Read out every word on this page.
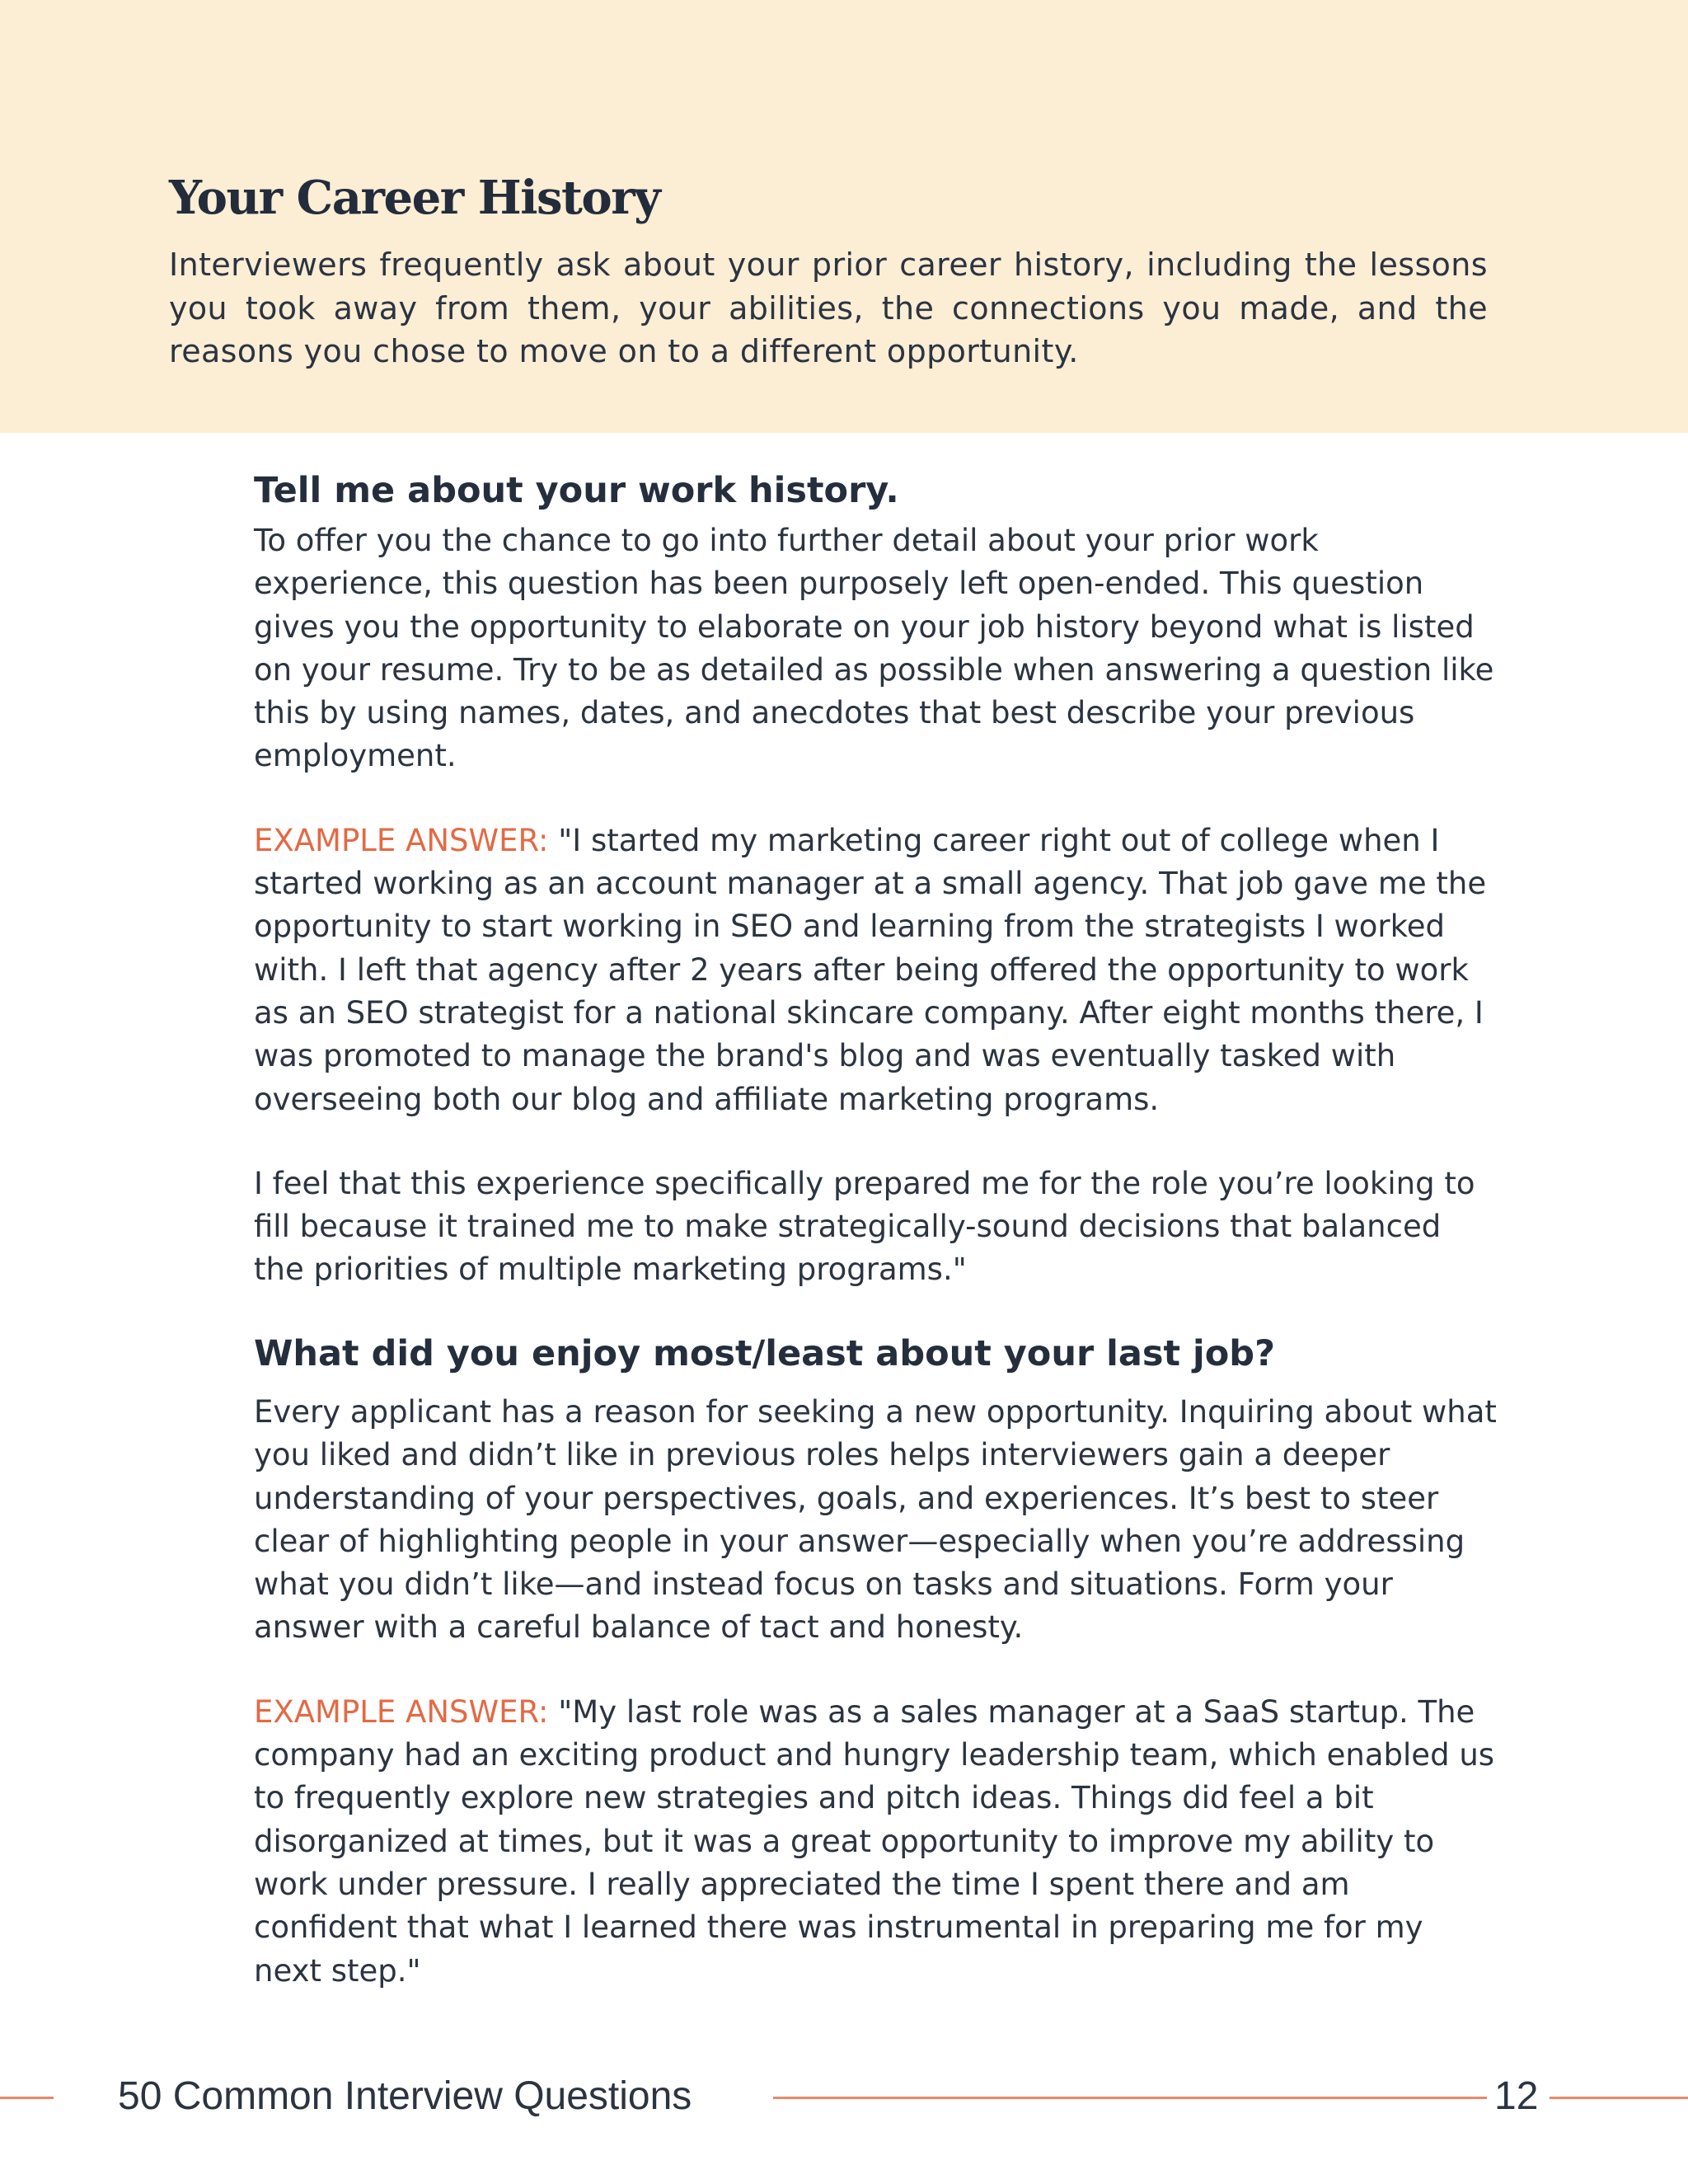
Your Career History

Interviewers frequently ask about your prior career history, including the lessons you took away from them, your abilities, the connections you made, and the reasons you chose to move on to a different opportunity.

Tell me about your work history.

To offer you the chance to go into further detail about your prior work experience, this question has been purposely left open-ended. This question gives you the opportunity to elaborate on your job history beyond what is listed on your resume. Try to be as detailed as possible when answering a question like this by using names, dates, and anecdotes that best describe your previous employment.

EXAMPLE ANSWER: "I started my marketing career right out of college when I started working as an account manager at a small agency. That job gave me the opportunity to start working in SEO and learning from the strategists I worked with. I left that agency after 2 years after being offered the opportunity to work as an SEO strategist for a national skincare company. After eight months there, I was promoted to manage the brand's blog and was eventually tasked with overseeing both our blog and affiliate marketing programs.

I feel that this experience specifically prepared me for the role you’re looking to fill because it trained me to make strategically-sound decisions that balanced the priorities of multiple marketing programs."

What did you enjoy most/least about your last job?

Every applicant has a reason for seeking a new opportunity. Inquiring about what you liked and didn’t like in previous roles helps interviewers gain a deeper understanding of your perspectives, goals, and experiences. It’s best to steer clear of highlighting people in your answer—especially when you’re addressing what you didn’t like—and instead focus on tasks and situations. Form your answer with a careful balance of tact and honesty.

EXAMPLE ANSWER: "My last role was as a sales manager at a SaaS startup. The company had an exciting product and hungry leadership team, which enabled us to frequently explore new strategies and pitch ideas. Things did feel a bit disorganized at times, but it was a great opportunity to improve my ability to work under pressure. I really appreciated the time I spent there and am confident that what I learned there was instrumental in preparing me for my next step."

50 Common Interview Questions	12
